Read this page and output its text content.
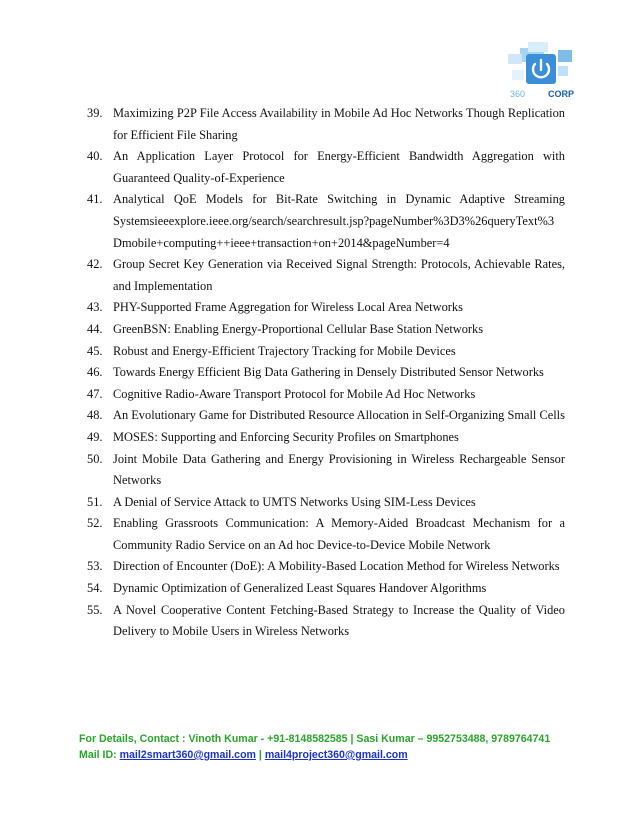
360	CORP
39. Maximizing P2P File Access Availability in Mobile Ad Hoc Networks Though Replication for Efficient File Sharing
40. An Application Layer Protocol for Energy-Efficient Bandwidth Aggregation with Guaranteed Quality-of-Experience
41. Analytical QoE Models for Bit-Rate Switching in Dynamic Adaptive Streaming Systemsieeexplore.ieee.org/search/searchresult.jsp?pageNumber%3D3%26queryText%3 Dmobile+computing++ieee+transaction+on+2014&pageNumber=4
42. Group Secret Key Generation via Received Signal Strength: Protocols, Achievable Rates, and Implementation
43. PHY-Supported Frame Aggregation for Wireless Local Area Networks
44. GreenBSN: Enabling Energy-Proportional Cellular Base Station Networks
45. Robust and Energy-Efficient Trajectory Tracking for Mobile Devices
46. Towards Energy Efficient Big Data Gathering in Densely Distributed Sensor Networks
47. Cognitive Radio-Aware Transport Protocol for Mobile Ad Hoc Networks
48. An Evolutionary Game for Distributed Resource Allocation in Self-Organizing Small Cells
49. MOSES: Supporting and Enforcing Security Profiles on Smartphones
50. Joint Mobile Data Gathering and Energy Provisioning in Wireless Rechargeable Sensor Networks
51. A Denial of Service Attack to UMTS Networks Using SIM-Less Devices
52. Enabling Grassroots Communication: A Memory-Aided Broadcast Mechanism for a Community Radio Service on an Ad hoc Device-to-Device Mobile Network
53. Direction of Encounter (DoE): A Mobility-Based Location Method for Wireless Networks
54. Dynamic Optimization of Generalized Least Squares Handover Algorithms
55. A Novel Cooperative Content Fetching-Based Strategy to Increase the Quality of Video Delivery to Mobile Users in Wireless Networks
For Details, Contact : Vinoth Kumar - +91-8148582585 | Sasi Kumar – 9952753488, 9789764741
Mail ID: mail2smart360@gmail.com | mail4project360@gmail.com
